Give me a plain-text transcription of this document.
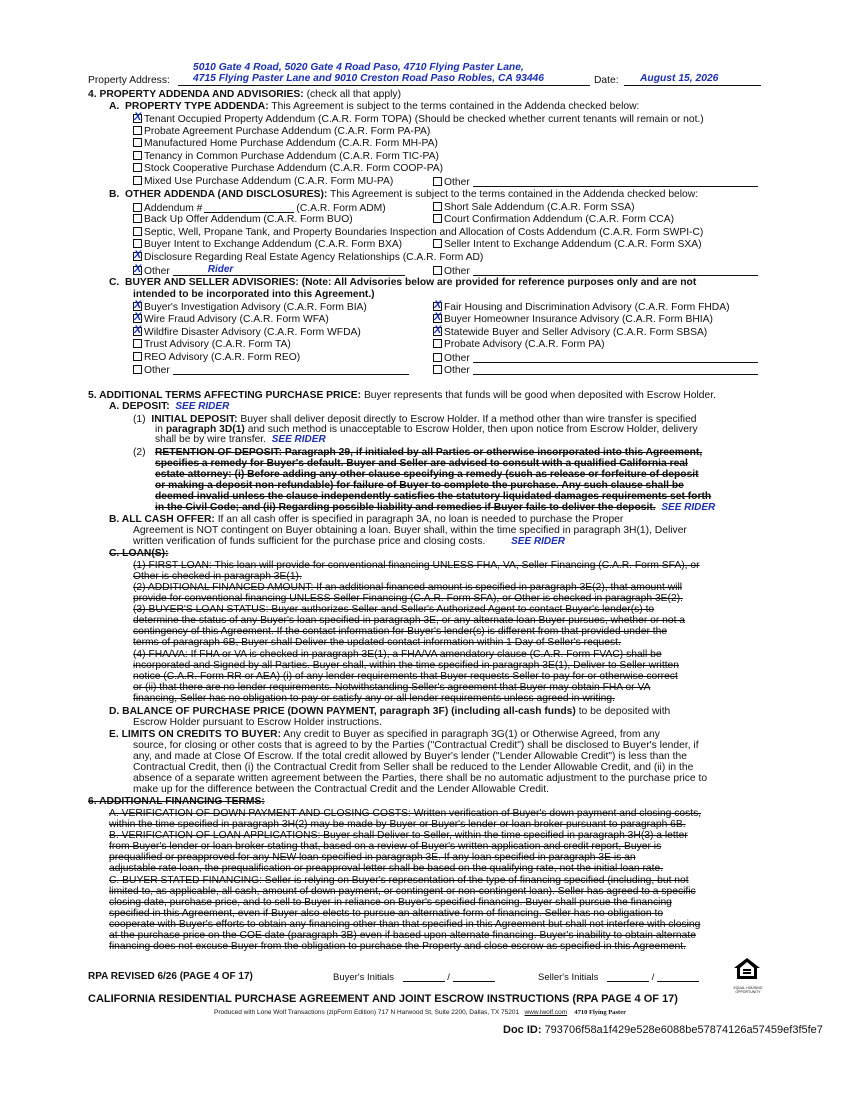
5010 Gate 4 Road, 5020 Gate 4 Road Paso, 4710 Flying Paster Lane,
Property Address: 4715 Flying Paster Lane and 9010 Creston Road Paso Robles, CA 93446	Date: August 15, 2026
4. PROPERTY ADDENDA AND ADVISORIES: (check all that apply)
A. PROPERTY TYPE ADDENDA: This Agreement is subject to the terms contained in the Addenda checked below:
XTenant Occupied Property Addendum (C.A.R. Form TOPA) (Should be checked whether current tenants will remain or not.)
Probate Agreement Purchase Addendum (C.A.R. Form PA-PA)
Manufactured Home Purchase Addendum (C.A.R. Form MH-PA)
Tenancy in Common Purchase Addendum (C.A.R. Form TIC-PA)
Stock Cooperative Purchase Addendum (C.A.R. Form COOP-PA)
Mixed Use Purchase Addendum (C.A.R. Form MU-PA)	Other
B. OTHER ADDENDA (AND DISCLOSURES): This Agreement is subject to the terms contained in the Addenda checked below:
Addendum #	(C.A.R. Form ADM)	Short Sale Addendum (C.A.R. Form SSA)
Back Up Offer Addendum (C.A.R. Form BUO)	Court Confirmation Addendum (C.A.R. Form CCA)
Septic, Well, Propane Tank, and Property Boundaries Inspection and Allocation of Costs Addendum (C.A.R. Form SWPI-C)
Buyer Intent to Exchange Addendum (C.A.R. Form BXA)	Seller Intent to Exchange Addendum (C.A.R. Form SXA)
XDisclosure Regarding Real Estate Agency Relationships (C.A.R. Form AD)
XOther	Rider	Other
C. BUYER AND SELLER ADVISORIES: (Note: All Advisories below are provided for reference purposes only and are not
intended to be incorporated into this Agreement.)
XBuyer's Investigation Advisory (C.A.R. Form BIA)
XWire Fraud Advisory (C.A.R. Form WFA)
XWildfire Disaster Advisory (C.A.R. Form WFDA)
Trust Advisory (C.A.R. Form TA)
REO Advisory (C.A.R. Form REO)
Other
XFair Housing and Discrimination Advisory (C.A.R. Form FHDA)
XBuyer Homeowner Insurance Advisory (C.A.R. Form BHIA)
XStatewide Buyer and Seller Advisory (C.A.R. Form SBSA)
Probate Advisory (C.A.R. Form PA)
Other
Other
5. ADDITIONAL TERMS AFFECTING PURCHASE PRICE: Buyer represents that funds will be good when deposited with Escrow Holder.
A. DEPOSIT: SEE RIDER
(1) INITIAL DEPOSIT: Buyer shall deliver deposit directly to Escrow Holder. If a method other than wire transfer is specified
in paragraph 3D(1) and such method is unacceptable to Escrow Holder, then upon notice from Escrow Holder, delivery
shall be by wire transfer. SEE RIDER
(2) RETENTION OF DEPOSIT: Paragraph 29, if initialed by all Parties or otherwise incorporated into this Agreement,
specifies a remedy for Buyer's default. Buyer and Seller are advised to consult with a qualified California real
estate attorney: (i) Before adding any other clause specifying a remedy (such as release or forfeiture of deposit
or making a deposit non-refundable) for failure of Buyer to complete the purchase. Any such clause shall be
deemed invalid unless the clause independently satisfies the statutory liquidated damages requirements set forth
in the Civil Code; and (ii) Regarding possible liability and remedies if Buyer fails to deliver the deposit. SEE RIDER
B. ALL CASH OFFER: If an all cash offer is specified in paragraph 3A, no loan is needed to purchase the Proper
Agreement is NOT contingent on Buyer obtaining a loan. Buyer shall, within the time specified in paragraph 3H(1), Deliver
written verification of funds sufficient for the purchase price and closing costs.	SEE RIDER
C. LOAN(S):
(1) FIRST LOAN: This loan will provide for conventional financing UNLESS FHA, VA, Seller Financing (C.A.R. Form SFA), or
Other is checked in paragraph 3E(1).
(2) ADDITIONAL FINANCED AMOUNT: If an additional financed amount is specified in paragraph 3E(2), that amount will
provide for conventional financing UNLESS Seller Financing (C.A.R. Form SFA), or Other is checked in paragraph 3E(2).
(3) BUYER'S LOAN STATUS: Buyer authorizes Seller and Seller's Authorized Agent to contact Buyer's lender(s) to
determine the status of any Buyer's loan specified in paragraph 3E, or any alternate loan Buyer pursues, whether or not a
contingency of this Agreement. If the contact information for Buyer's lender(s) is different from that provided under the
terms of paragraph 6B, Buyer shall Deliver the updated contact information within 1 Day of Seller's request.
(4) FHA/VA: If FHA or VA is checked in paragraph 3E(1), a FHA/VA amendatory clause (C.A.R. Form FVAC) shall be
incorporated and Signed by all Parties. Buyer shall, within the time specified in paragraph 3E(1), Deliver to Seller written
notice (C.A.R. Form RR or AEA) (i) of any lender requirements that Buyer requests Seller to pay for or otherwise correct
or (ii) that there are no lender requirements. Notwithstanding Seller's agreement that Buyer may obtain FHA or VA
financing, Seller has no obligation to pay or satisfy any or all lender requirements unless agreed in writing.
D. BALANCE OF PURCHASE PRICE (DOWN PAYMENT, paragraph 3F) (including all-cash funds) to be deposited with
Escrow Holder pursuant to Escrow Holder instructions.
E. LIMITS ON CREDITS TO BUYER: Any credit to Buyer as specified in paragraph 3G(1) or Otherwise Agreed, from any
source, for closing or other costs that is agreed to by the Parties ("Contractual Credit") shall be disclosed to Buyer's lender, if
any, and made at Close Of Escrow. If the total credit allowed by Buyer's lender ("Lender Allowable Credit") is less than the
Contractual Credit, then (i) the Contractual Credit from Seller shall be reduced to the Lender Allowable Credit, and (ii) in the
absence of a separate written agreement between the Parties, there shall be no automatic adjustment to the purchase price to
make up for the difference between the Contractual Credit and the Lender Allowable Credit.
6. ADDITIONAL FINANCING TERMS:
A. VERIFICATION OF DOWN PAYMENT AND CLOSING COSTS: Written verification of Buyer's down payment and closing costs,
within the time specified in paragraph 3H(2) may be made by Buyer or Buyer's lender or loan broker pursuant to paragraph 6B.
B. VERIFICATION OF LOAN APPLICATIONS: Buyer shall Deliver to Seller, within the time specified in paragraph 3H(3) a letter
from Buyer's lender or loan broker stating that, based on a review of Buyer's written application and credit report, Buyer is
prequalified or preapproved for any NEW loan specified in paragraph 3E. If any loan specified in paragraph 3E is an
adjustable rate loan, the prequalification or preapproval letter shall be based on the qualifying rate, not the initial loan rate.
C. BUYER STATED FINANCING: Seller is relying on Buyer's representation of the type of financing specified (including, but not
limited to, as applicable, all cash, amount of down payment, or contingent or non-contingent loan). Seller has agreed to a specific
closing date, purchase price, and to sell to Buyer in reliance on Buyer's specified financing. Buyer shall pursue the financing
specified in this Agreement, even if Buyer also elects to pursue an alternative form of financing. Seller has no obligation to
cooperate with Buyer's efforts to obtain any financing other than that specified in this Agreement but shall not interfere with closing
at the purchase price on the COE date (paragraph 3B) even if based upon alternate financing. Buyer's inability to obtain alternate
financing does not excuse Buyer from the obligation to purchase the Property and close escrow as specified in this Agreement.
RPA REVISED 6/26 (PAGE 4 OF 17)	Buyer's Initials	/	Seller's Initials	/
EQUAL HOUSING OPPORTUNITY
CALIFORNIA RESIDENTIAL PURCHASE AGREEMENT AND JOINT ESCROW INSTRUCTIONS (RPA PAGE 4 OF 17)
Produced with Lone Wolf Transactions (zipForm Edition) 717 N Harwood St, Suite 2200, Dallas, TX 75201 www.lwolf.com 4710 Flying Paster
Doc ID: 793706f58a1f429e528e6088be57874126a57459ef3f5fe7
